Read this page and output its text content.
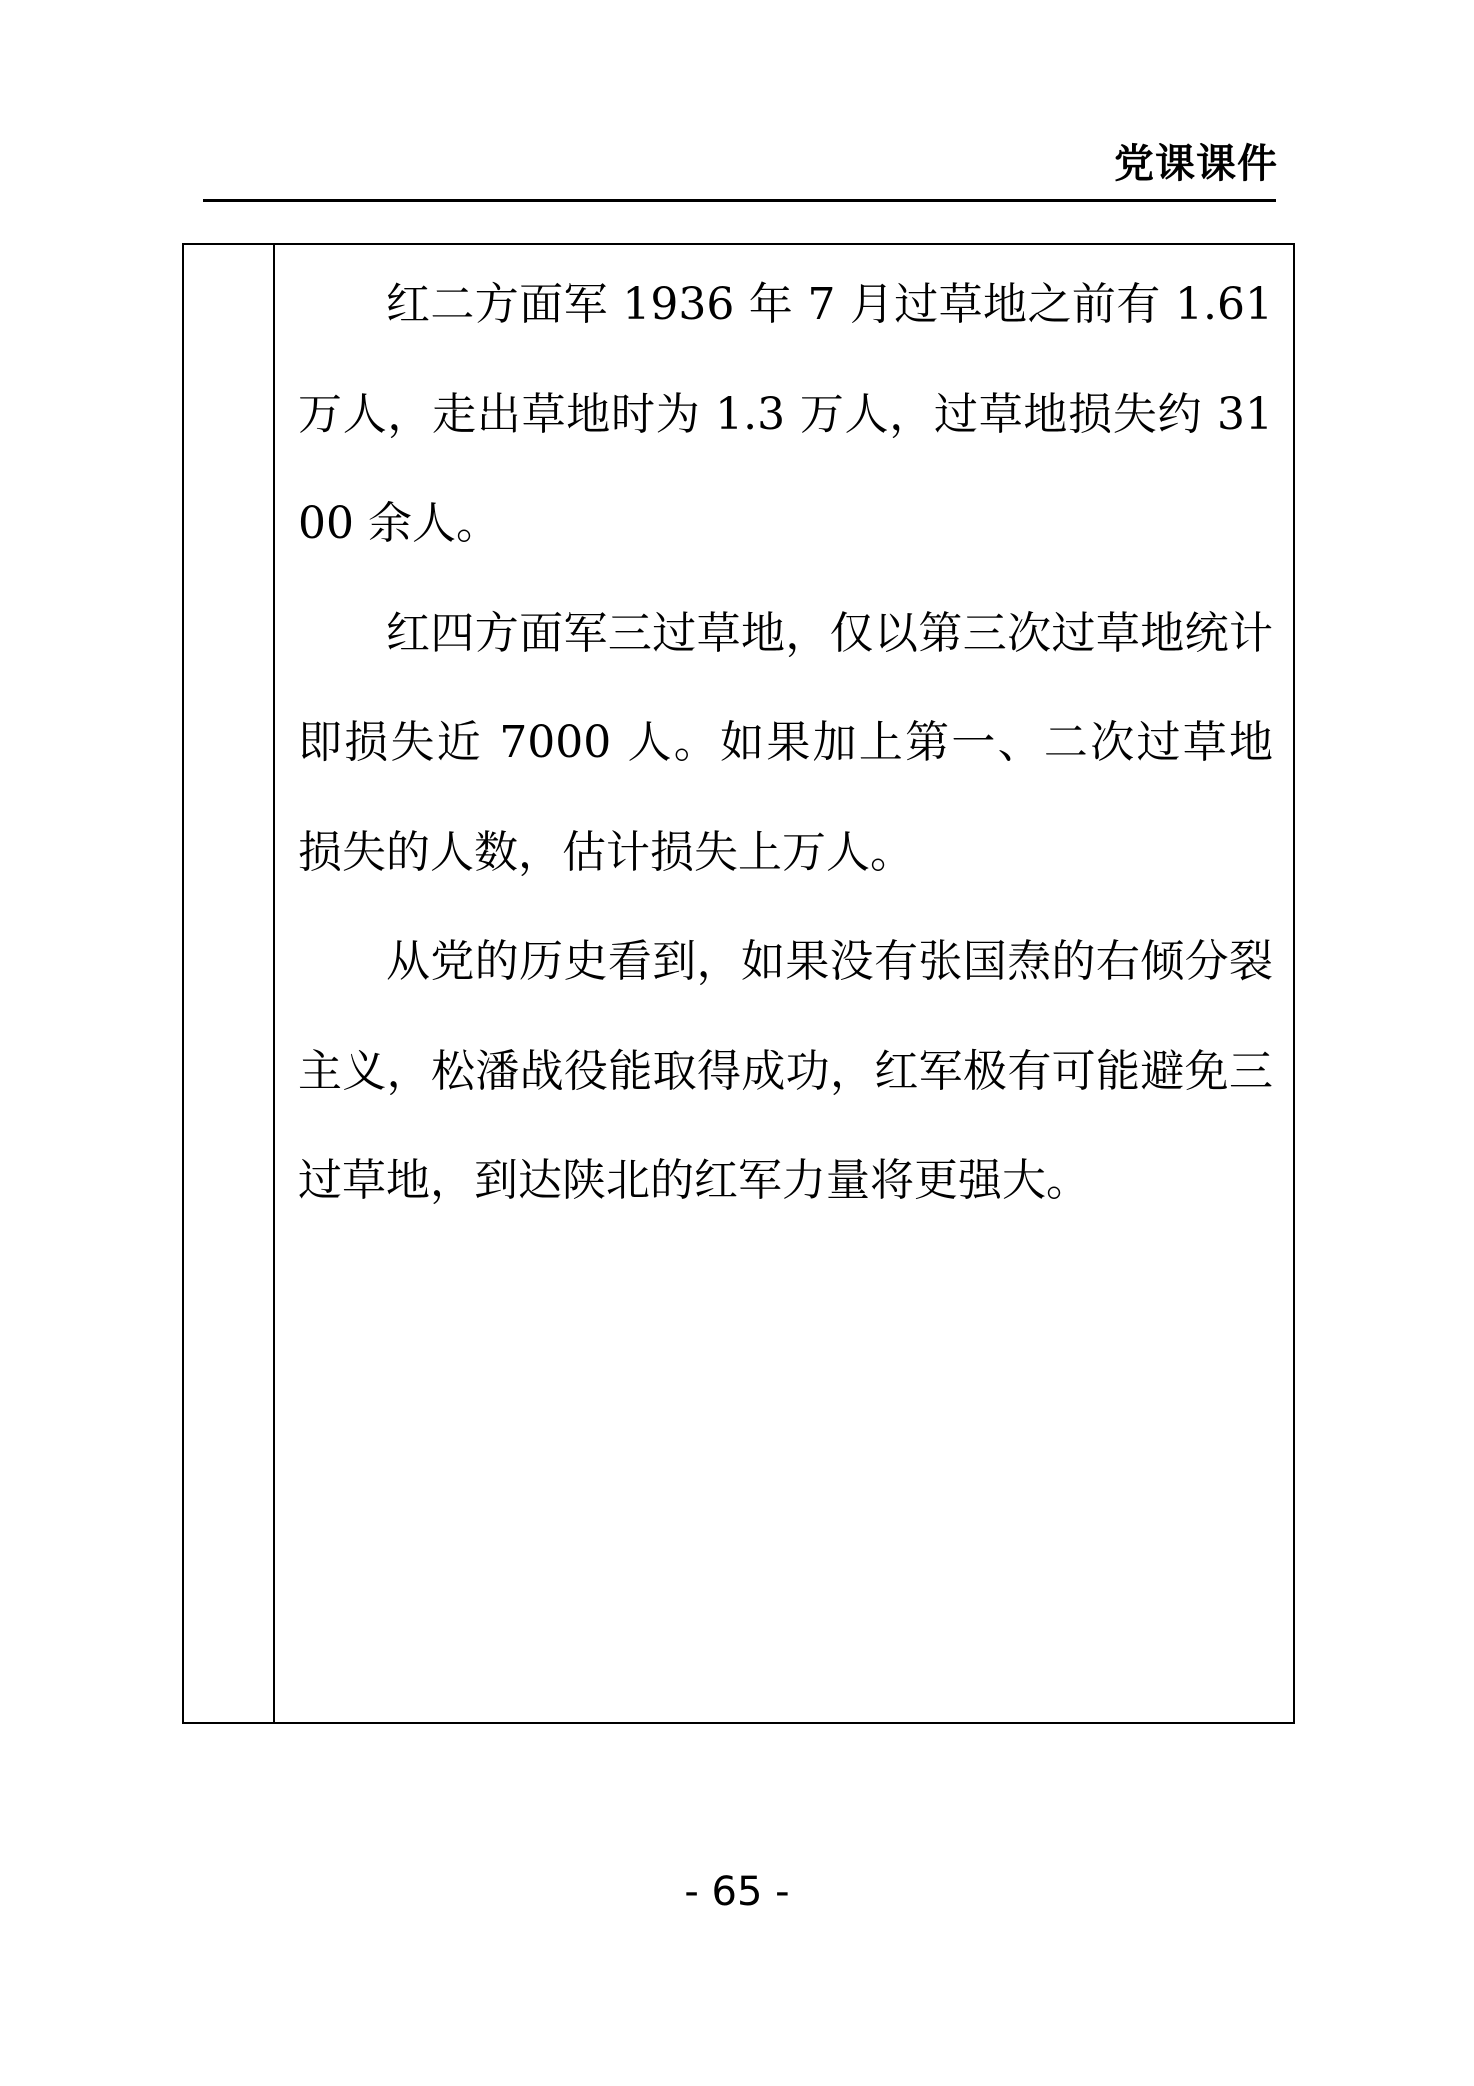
党课课件

红二方面军 1936 年 7 月过草地之前有 1.61 万人，走出草地时为 1.3 万人，过草地损失约 3100 余人。

红四方面军三过草地，仅以第三次过草地统计即损失近 7000 人。如果加上第一、二次过草地损失的人数，估计损失上万人。

从党的历史看到，如果没有张国焘的右倾分裂主义，松潘战役能取得成功，红军极有可能避免三过草地，到达陕北的红军力量将更强大。

- 65 -
